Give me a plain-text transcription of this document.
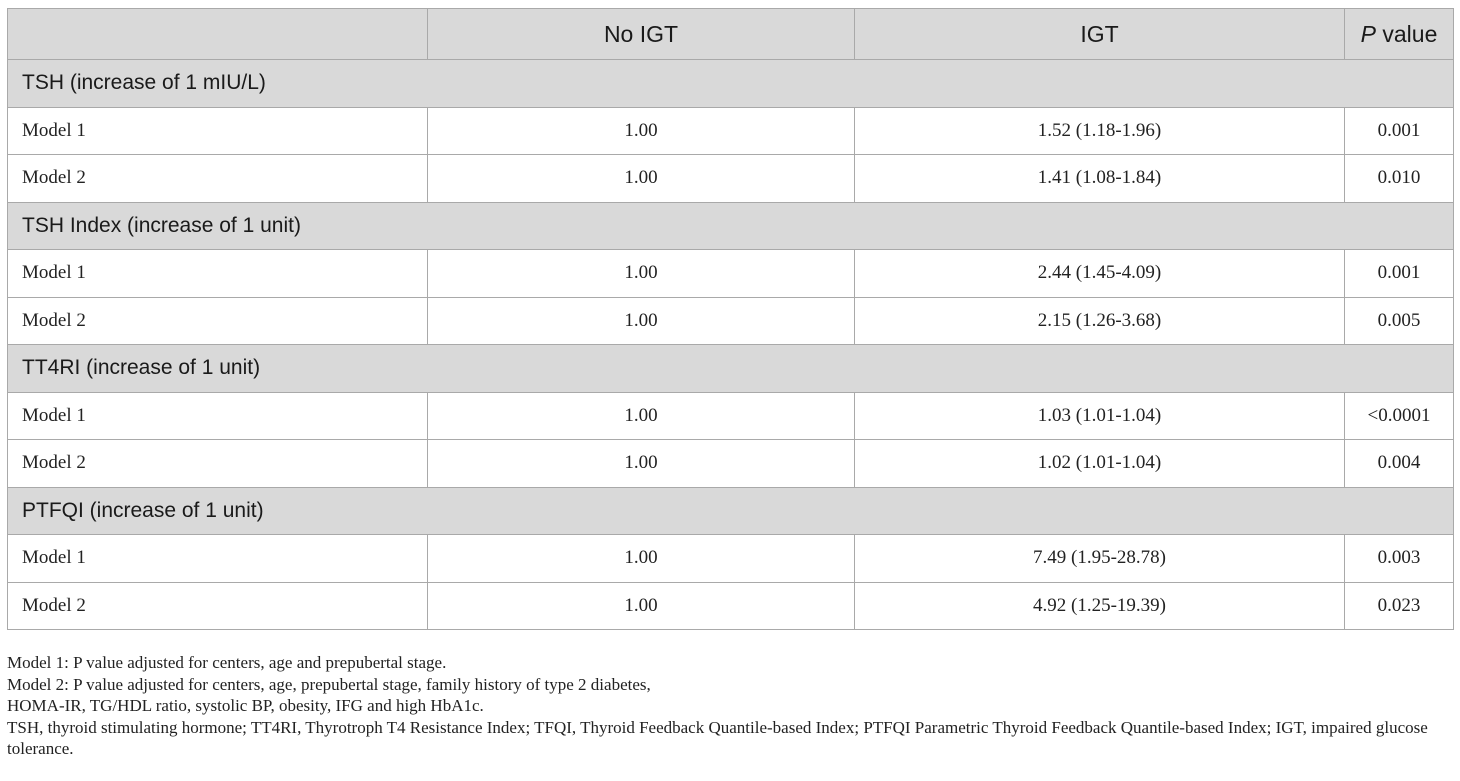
	No IGT	IGT	P value
TSH (increase of 1 mIU/L)			
Model 1	1.00	1.52 (1.18-1.96)	0.001
Model 2	1.00	1.41 (1.08-1.84)	0.010
TSH Index (increase of 1 unit)			
Model 1	1.00	2.44 (1.45-4.09)	0.001
Model 2	1.00	2.15 (1.26-3.68)	0.005
TT4RI (increase of 1 unit)			
Model 1	1.00	1.03 (1.01-1.04)	<0.0001
Model 2	1.00	1.02 (1.01-1.04)	0.004
PTFQI (increase of 1 unit)			
Model 1	1.00	7.49 (1.95-28.78)	0.003
Model 2	1.00	4.92 (1.25-19.39)	0.023

Model 1: P value adjusted for centers, age and prepubertal stage.

Model 2: P value adjusted for centers, age, prepubertal stage, family history of type 2 diabetes,

HOMA-IR, TG/HDL ratio, systolic BP, obesity, IFG and high HbA1c.

TSH, thyroid stimulating hormone; TT4RI, Thyrotroph T4 Resistance Index; TFQI, Thyroid Feedback Quantile-based Index; PTFQI Parametric Thyroid Feedback Quantile-based Index; IGT, impaired glucose tolerance.
